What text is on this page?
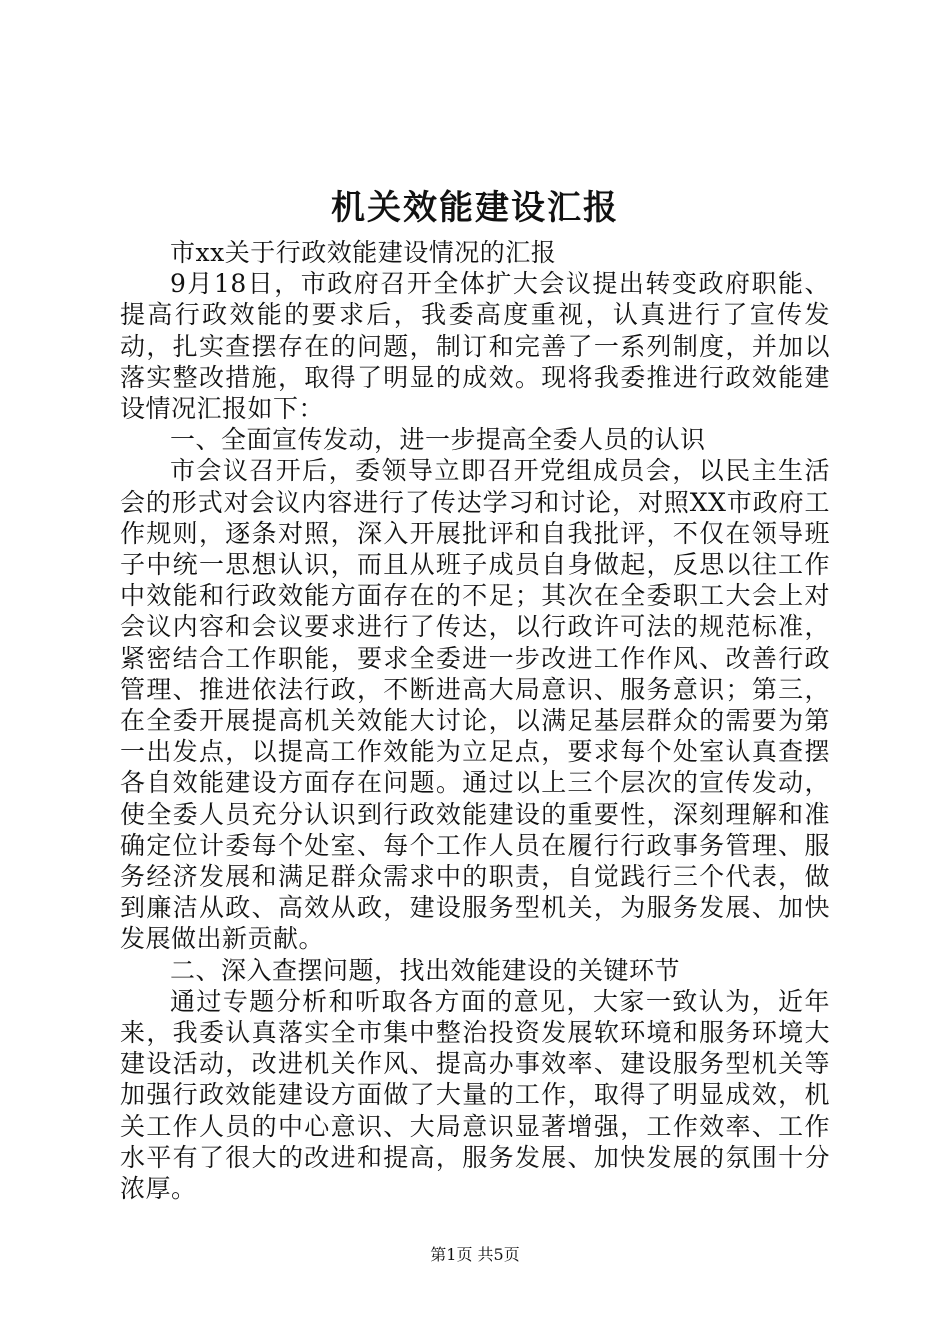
机关效能建设汇报

市xx关于行政效能建设情况的汇报

9月18日，市政府召开全体扩大会议提出转变政府职能、提高行政效能的要求后，我委高度重视，认真进行了宣传发动，扎实查摆存在的问题，制订和完善了一系列制度，并加以落实整改措施，取得了明显的成效。现将我委推进行政效能建设情况汇报如下：

一、全面宣传发动，进一步提高全委人员的认识

市会议召开后，委领导立即召开党组成员会，以民主生活会的形式对会议内容进行了传达学习和讨论，对照XX市政府工作规则，逐条对照，深入开展批评和自我批评，不仅在领导班子中统一思想认识，而且从班子成员自身做起，反思以往工作中效能和行政效能方面存在的不足；其次在全委职工大会上对会议内容和会议要求进行了传达，以行政许可法的规范标准，紧密结合工作职能，要求全委进一步改进工作作风、改善行政管理、推进依法行政，不断进高大局意识、服务意识；第三，在全委开展提高机关效能大讨论，以满足基层群众的需要为第一出发点，以提高工作效能为立足点，要求每个处室认真查摆各自效能建设方面存在问题。通过以上三个层次的宣传发动，使全委人员充分认识到行政效能建设的重要性，深刻理解和准确定位计委每个处室、每个工作人员在履行行政事务管理、服务经济发展和满足群众需求中的职责，自觉践行三个代表，做到廉洁从政、高效从政，建设服务型机关，为服务发展、加快发展做出新贡献。

二、深入查摆问题，找出效能建设的关键环节

通过专题分析和听取各方面的意见，大家一致认为，近年来，我委认真落实全市集中整治投资发展软环境和服务环境大建设活动，改进机关作风、提高办事效率、建设服务型机关等加强行政效能建设方面做了大量的工作，取得了明显成效，机关工作人员的中心意识、大局意识显著增强，工作效率、工作水平有了很大的改进和提高，服务发展、加快发展的氛围十分浓厚。

第1页 共5页
